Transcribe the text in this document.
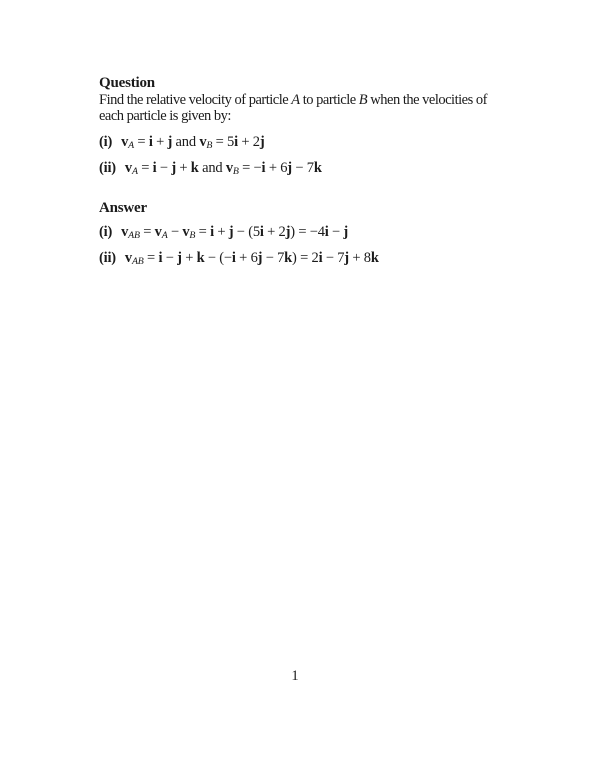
Question
Find the relative velocity of particle A to particle B when the velocities of
each particle is given by:
(i) $v_A = i + j$ and $v_B = 5i + 2j$
(ii) $v_A = i - j + k$ and $v_B = -i + 6j - 7k$
Answer
(i) $v_{AB} = v_A - v_B = i + j - (5i + 2j) = -4i - j$
(ii) $v_{AB} = i - j + k - (-i + 6j - 7k) = 2i - 7j + 8k$
1
